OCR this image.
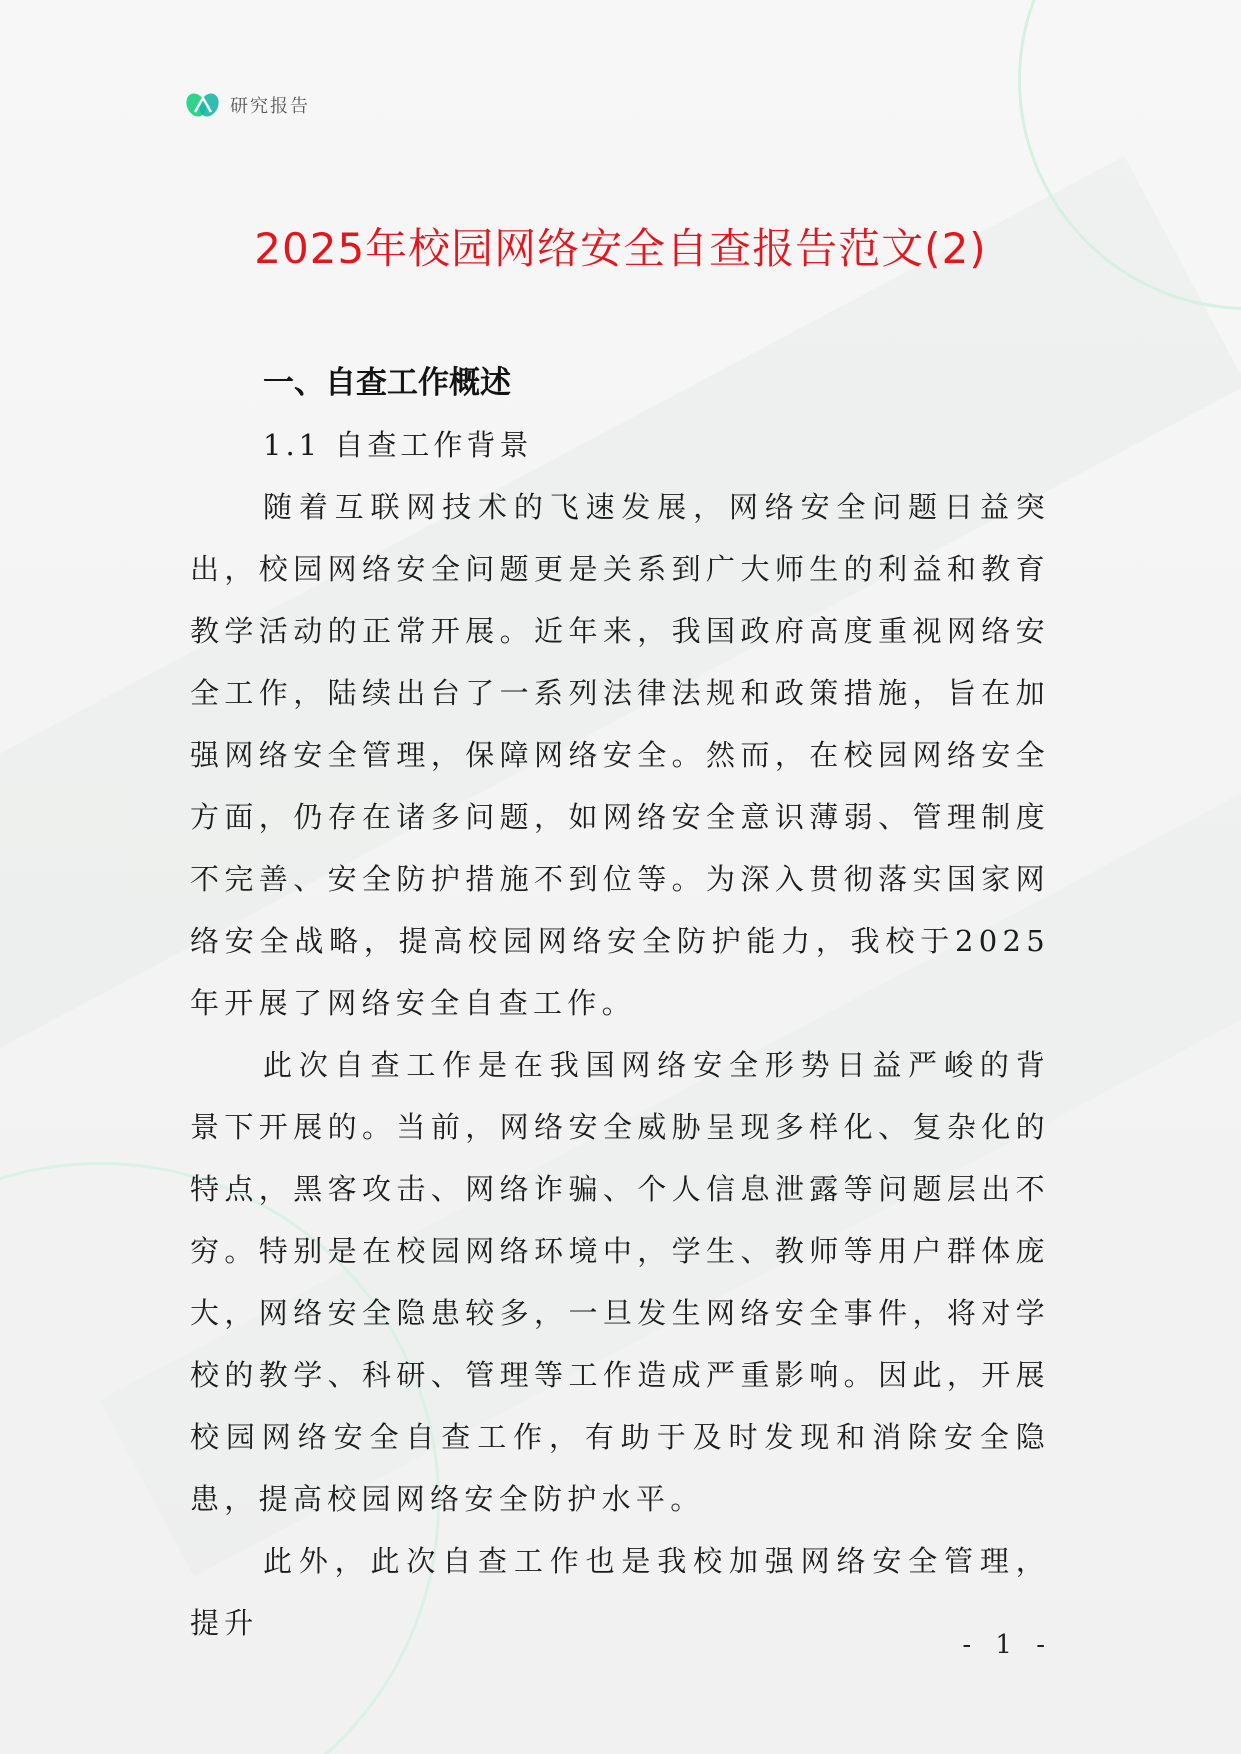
研究报告
2025年校园网络安全自查报告范文(2)

一、自查工作概述

1.1 自查工作背景

随着互联网技术的飞速发展，网络安全问题日益突出，校园网络安全问题更是关系到广大师生的利益和教育教学活动的正常开展。近年来，我国政府高度重视网络安全工作，陆续出台了一系列法律法规和政策措施，旨在加强网络安全管理，保障网络安全。然而，在校园网络安全方面，仍存在诸多问题，如网络安全意识薄弱、管理制度不完善、安全防护措施不到位等。为深入贯彻落实国家网络安全战略，提高校园网络安全防护能力，我校于2025年开展了网络安全自查工作。

此次自查工作是在我国网络安全形势日益严峻的背景下开展的。当前，网络安全威胁呈现多样化、复杂化的特点，黑客攻击、网络诈骗、个人信息泄露等问题层出不穷。特别是在校园网络环境中，学生、教师等用户群体庞大，网络安全隐患较多，一旦发生网络安全事件，将对学校的教学、科研、管理等工作造成严重影响。因此，开展校园网络安全自查工作，有助于及时发现和消除安全隐患，提高校园网络安全防护水平。

此外，此次自查工作也是我校加强网络安全管理，提升

- 1 -
